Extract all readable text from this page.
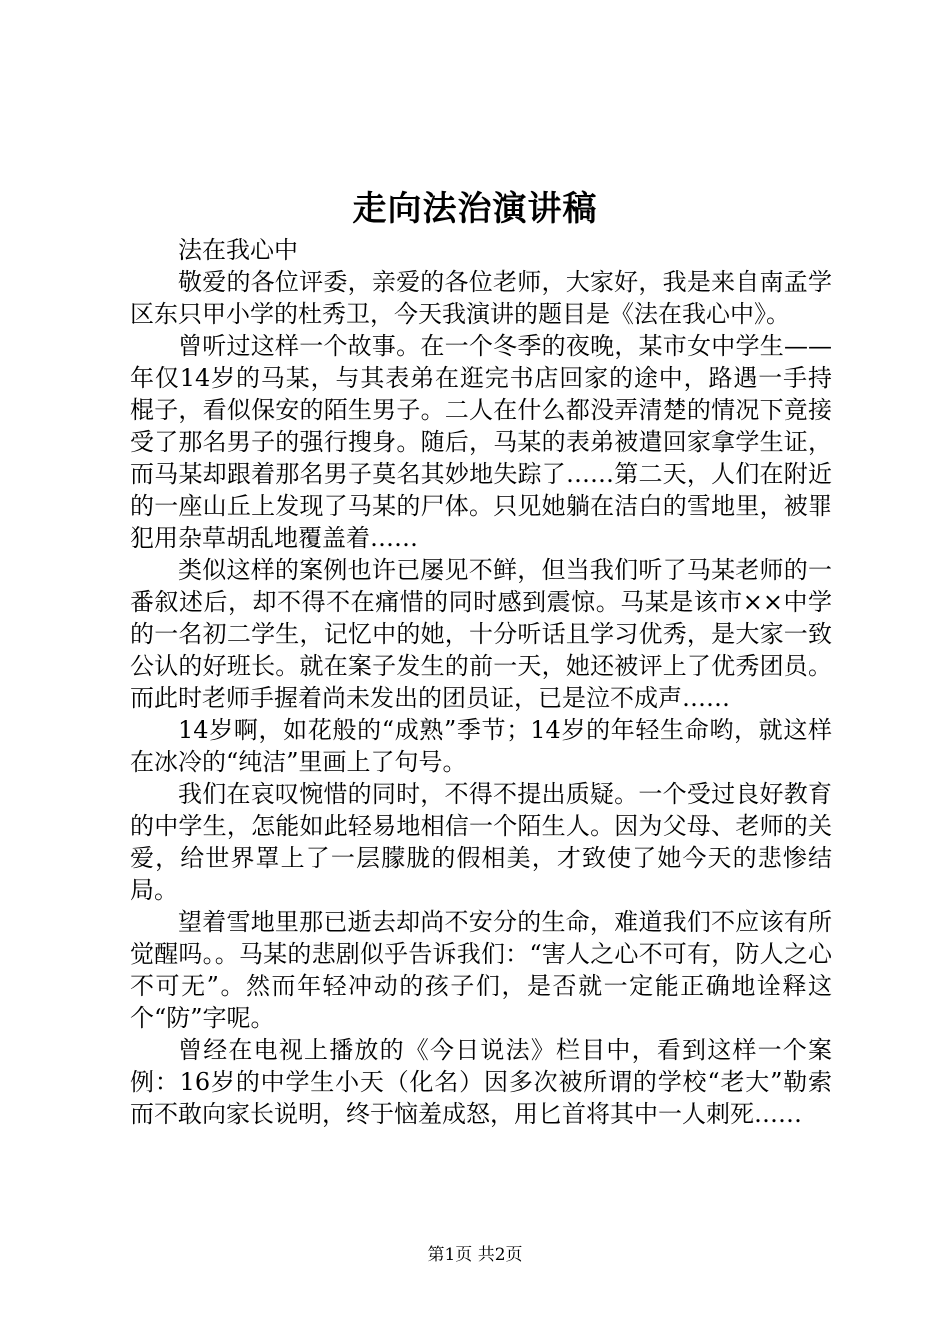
走向法治演讲稿

法在我心中

敬爱的各位评委，亲爱的各位老师，大家好，我是来自南孟学区东只甲小学的杜秀卫，今天我演讲的题目是《法在我心中》。

曾听过这样一个故事。在一个冬季的夜晚，某市女中学生——年仅14岁的马某，与其表弟在逛完书店回家的途中，路遇一手持棍子，看似保安的陌生男子。二人在什么都没弄清楚的情况下竟接受了那名男子的强行搜身。随后，马某的表弟被遣回家拿学生证，而马某却跟着那名男子莫名其妙地失踪了……第二天，人们在附近的一座山丘上发现了马某的尸体。只见她躺在洁白的雪地里，被罪犯用杂草胡乱地覆盖着……

类似这样的案例也许已屡见不鲜，但当我们听了马某老师的一番叙述后，却不得不在痛惜的同时感到震惊。马某是该市××中学的一名初二学生，记忆中的她，十分听话且学习优秀，是大家一致公认的好班长。就在案子发生的前一天，她还被评上了优秀团员。而此时老师手握着尚未发出的团员证，已是泣不成声……

14岁啊，如花般的“成熟”季节；14岁的年轻生命哟，就这样在冰冷的“纯洁”里画上了句号。

我们在哀叹惋惜的同时，不得不提出质疑。一个受过良好教育的中学生，怎能如此轻易地相信一个陌生人。因为父母、老师的关爱，给世界罩上了一层朦胧的假相美，才致使了她今天的悲惨结局。

望着雪地里那已逝去却尚不安分的生命，难道我们不应该有所觉醒吗。。马某的悲剧似乎告诉我们：“害人之心不可有，防人之心不可无”。然而年轻冲动的孩子们，是否就一定能正确地诠释这个“防”字呢。

曾经在电视上播放的《今日说法》栏目中，看到这样一个案例：16岁的中学生小天（化名）因多次被所谓的学校“老大”勒索而不敢向家长说明，终于恼羞成怒，用匕首将其中一人刺死……

第1页 共2页
